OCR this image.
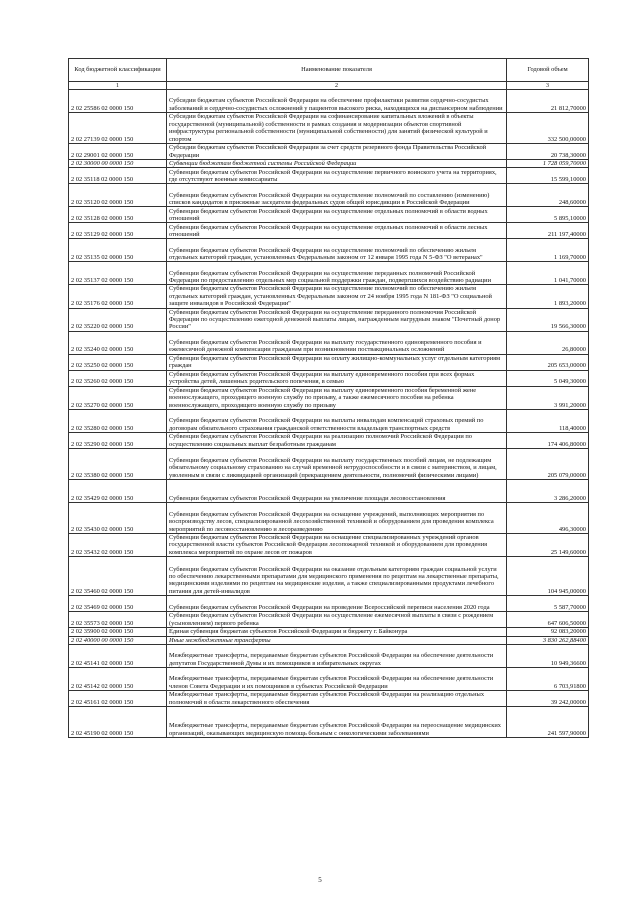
Код бюджетной классификации	Наименование показателя	Годовой объем
1	2	3
2 02 25586 02 0000 150	Субсидии бюджетам субъектов Российской Федерации на обеспечение профилактики развития сердечно-сосудистых заболеваний и сердечно-сосудистых осложнений у пациентов высокого риска, находящихся на диспансерном наблюдении	21 812,70000
2 02 27139 02 0000 150	Субсидии бюджетам субъектов Российской Федерации на софинансирование капитальных вложений в объекты государственной (муниципальной) собственности в рамках создания и модернизации объектов спортивной инфраструктуры региональной собственности (муниципальной собственности) для занятий физической культурой и спортом	332 500,00000
2 02 29001 02 0000 150	Субсидии бюджетам субъектов Российской Федерации за счет средств резервного фонда Правительства Российской Федерации	20 738,30000
2 02 30000 00 0000 150	Субвенции бюджетам бюджетной системы Российской Федерации	1 728 059,70000
2 02 35118 02 0000 150	Субвенции бюджетам субъектов Российской Федерации на осуществление первичного воинского учета на территориях, где отсутствуют военные комиссариаты	15 599,10000
2 02 35120 02 0000 150	Субвенции бюджетам субъектов Российской Федерации на осуществление полномочий по составлению (изменению) списков кандидатов в присяжные заседатели федеральных судов общей юрисдикции в Российской Федерации	248,60000
2 02 35128 02 0000 150	Субвенции бюджетам субъектов Российской Федерации на осуществление отдельных полномочий в области водных отношений	5 895,10000
2 02 35129 02 0000 150	Субвенции бюджетам субъектов Российской Федерации на осуществление отдельных полномочий в области лесных отношений	211 197,40000
2 02 35135 02 0000 150	Субвенции бюджетам субъектов Российской Федерации на осуществление полномочий по обеспечению жильем отдельных категорий граждан, установленных Федеральным законом от 12 января 1995 года N 5-ФЗ "О ветеранах"	1 169,70000
2 02 35137 02 0000 150	Субвенции бюджетам субъектов Российской Федерации на осуществление переданных полномочий Российской Федерации по предоставлению отдельных мер социальной поддержки граждан, подвергшихся воздействию радиации	1 041,70000
2 02 35176 02 0000 150	Субвенции бюджетам субъектов Российской Федерации на осуществление полномочий по обеспечению жильем отдельных категорий граждан, установленных Федеральным законом от 24 ноября 1995 года N 181-ФЗ "О социальной защите инвалидов в Российской Федерации"	1 893,20000
2 02 35220 02 0000 150	Субвенции бюджетам субъектов Российской Федерации на осуществление переданного полномочия Российской Федерации по осуществлению ежегодной денежной выплаты лицам, награжденным нагрудным знаком "Почетный донор России"	19 566,30000
2 02 35240 02 0000 150	Субвенции бюджетам субъектов Российской Федерации на выплату государственного единовременного пособия и ежемесячной денежной компенсации гражданам при возникновении поствакцинальных осложнений	26,80000
2 02 35250 02 0000 150	Субвенции бюджетам субъектов Российской Федерации на оплату жилищно-коммунальных услуг отдельным категориям граждан	205 653,00000
2 02 35260 02 0000 150	Субвенции бюджетам субъектов Российской Федерации на выплату единовременного пособия при всех формах устройства детей, лишенных родительского попечения, в семью	5 049,30000
2 02 35270 02 0000 150	Субвенции бюджетам субъектов Российской Федерации на выплату единовременного пособия беременной жене военнослужащего, проходящего военную службу по призыву, а также ежемесячного пособия на ребенка военнослужащего, проходящего военную службу по призыву	3 991,20000
2 02 35280 02 0000 150	Субвенции бюджетам субъектов Российской Федерации на выплаты инвалидам компенсаций страховых премий по договорам обязательного страхования гражданской ответственности владельцев транспортных средств	118,40000
2 02 35290 02 0000 150	Субвенции бюджетам субъектов Российской Федерации на реализацию полномочий Российской Федерации по осуществлению социальных выплат безработным гражданам	174 406,80000
2 02 35380 02 0000 150	Субвенции бюджетам субъектов Российской Федерации на выплату государственных пособий лицам, не подлежащим обязательному социальному страхованию на случай временной нетрудоспособности и в связи с материнством, и лицам, уволенным в связи с ликвидацией организаций (прекращением деятельности, полномочий физическими лицами)	205 079,00000
2 02 35429 02 0000 150	Субвенции бюджетам субъектов Российской Федерации на увеличение площади лесовосстановления	3 286,20000
2 02 35430 02 0000 150	Субвенции бюджетам субъектов Российской Федерации на оснащение учреждений, выполняющих мероприятия по воспроизводству лесов, специализированной лесохозяйственной техникой и оборудованием для проведения комплекса мероприятий по лесовосстановлению и лесоразведению	496,30000
2 02 35432 02 0000 150	Субвенции бюджетам субъектов Российской Федерации на оснащение специализированных учреждений органов государственной власти субъектов Российской Федерации лесопожарной техникой и оборудованием для проведения комплекса мероприятий по охране лесов от пожаров	25 149,60000
2 02 35460 02 0000 150	Субвенции бюджетам субъектов Российской Федерации на оказание отдельным категориям граждан социальной услуги по обеспечению лекарственными препаратами для медицинского применения по рецептам на лекарственные препараты, медицинскими изделиями по рецептам на медицинские изделия, а также специализированными продуктами лечебного питания для детей-инвалидов	104 945,00000
2 02 35469 02 0000 150	Субвенции бюджетам субъектов Российской Федерации на проведение Всероссийской переписи населения 2020 года	5 587,70000
2 02 35573 02 0000 150	Субвенции бюджетам субъектов Российской Федерации на осуществление ежемесячной выплаты в связи с рождением (усыновлением) первого ребенка	647 606,50000
2 02 35900 02 0000 150	Единая субвенция бюджетам субъектов Российской Федерации и бюджету г. Байконура	92 083,20000
2 02 40000 00 0000 150	Иные межбюджетные трансферты	3 830 262,88400
2 02 45141 02 0000 150	Межбюджетные трансферты, передаваемые бюджетам субъектов Российской Федерации на обеспечение деятельности депутатов Государственной Думы и их помощников в избирательных округах	10 949,36600
2 02 45142 02 0000 150	Межбюджетные трансферты, передаваемые бюджетам субъектов Российской Федерации на обеспечение деятельности членов Совета Федерации и их помощников в субъектах Российской Федерации	6 703,91800
2 02 45161 02 0000 150	Межбюджетные трансферты, передаваемые бюджетам субъектов Российской Федерации на реализацию отдельных полномочий в области лекарственного обеспечения	39 242,00000
2 02 45190 02 0000 150	Межбюджетные трансферты, передаваемые бюджетам субъектов Российской Федерации на переоснащение медицинских организаций, оказывающих медицинскую помощь больным с онкологическими заболеваниями	241 597,90000
5
